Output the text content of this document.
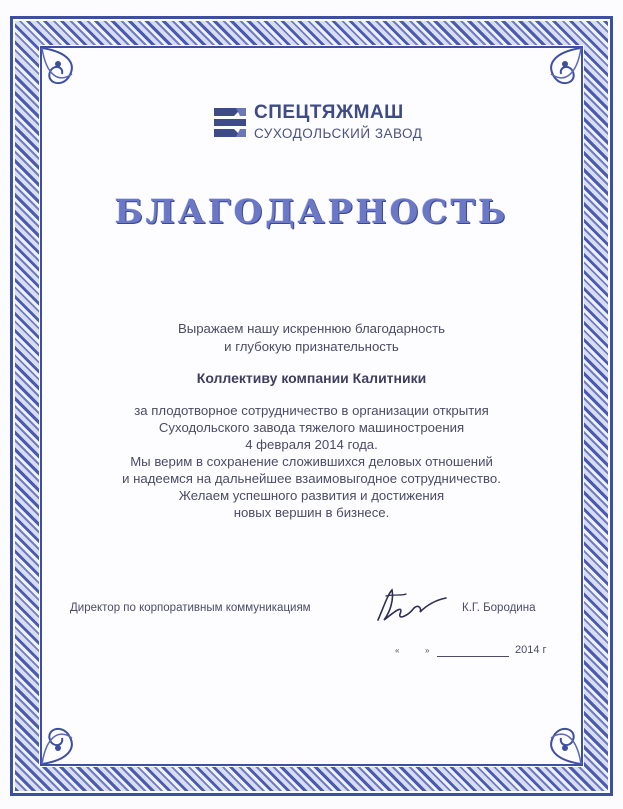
СПЕЦТЯЖМАШ
СУХОДОЛЬСКИЙ ЗАВОД
БЛАГОДАРНОСТЬ
Выражаем нашу искреннюю благодарность
и глубокую признательность
Коллективу компании Калитники
за плодотворное сотрудничество в организации открытия
Суходольского завода тяжелого машиностроения
4 февраля 2014 года.
Мы верим в сохранение сложившихся деловых отношений
и надеемся на дальнейшее взаимовыгодное сотрудничество.
Желаем успешного развития и достижения
новых вершин в бизнесе.
Директор по корпоративным коммуникациям	К.Г. Бородина
«	»	2014 г
